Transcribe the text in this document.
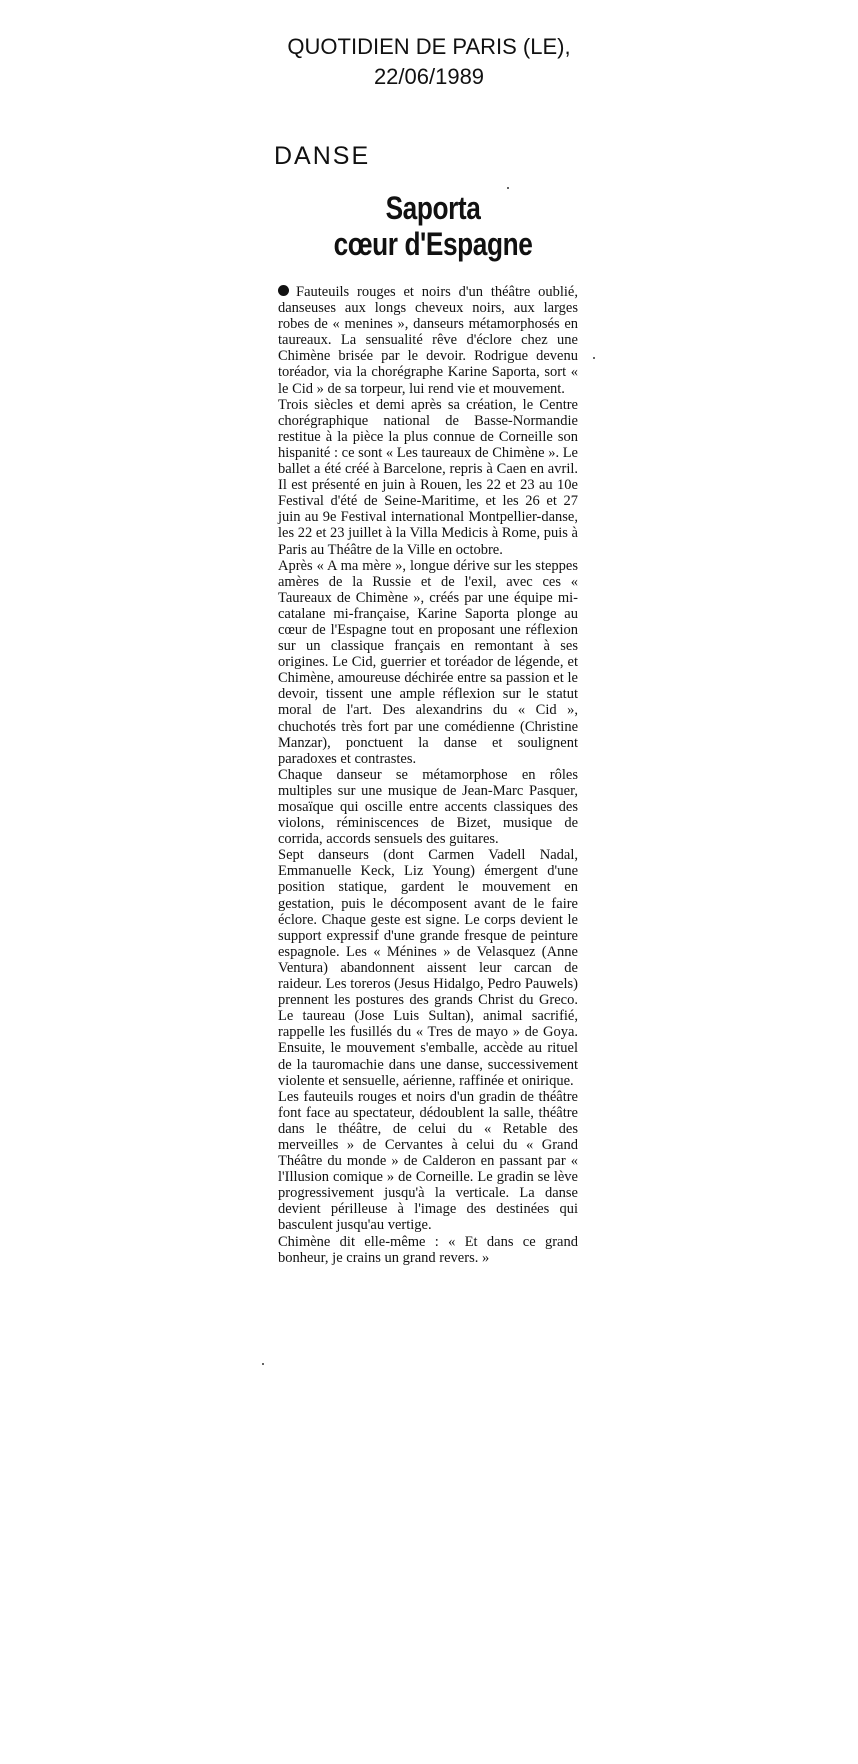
QUOTIDIEN DE PARIS (LE),
22/06/1989
DANSE
Saporta
cœur d'Espagne

Fauteuils rouges et noirs d'un théâtre oublié, danseuses aux longs cheveux noirs, aux larges robes de « menines », danseurs métamorphosés en taureaux. La sensualité rêve d'éclore chez une Chimène brisée par le devoir. Rodrigue devenu toréador, via la chorégraphe Karine Saporta, sort « le Cid » de sa torpeur, lui rend vie et mouvement.

Trois siècles et demi après sa création, le Centre chorégraphique national de Basse-Normandie restitue à la pièce la plus connue de Corneille son hispanité : ce sont « Les taureaux de Chimène ». Le ballet a été créé à Barcelone, repris à Caen en avril. Il est présenté en juin à Rouen, les 22 et 23 au 10e Festival d'été de Seine-Maritime, et les 26 et 27 juin au 9e Festival international Montpellier-danse, les 22 et 23 juillet à la Villa Medicis à Rome, puis à Paris au Théâtre de la Ville en octobre.

Après « A ma mère », longue dérive sur les steppes amères de la Russie et de l'exil, avec ces « Taureaux de Chimène », créés par une équipe mi-catalane mi-française, Karine Saporta plonge au cœur de l'Espagne tout en proposant une réflexion sur un classique français en remontant à ses origines. Le Cid, guerrier et toréador de légende, et Chimène, amoureuse déchirée entre sa passion et le devoir, tissent une ample réflexion sur le statut moral de l'art. Des alexandrins du « Cid », chuchotés très fort par une comédienne (Christine Manzar), ponctuent la danse et soulignent paradoxes et contrastes.

Chaque danseur se métamorphose en rôles multiples sur une musique de Jean-Marc Pasquer, mosaïque qui oscille entre accents classiques des violons, réminiscences de Bizet, musique de corrida, accords sensuels des guitares.

Sept danseurs (dont Carmen Vadell Nadal, Emmanuelle Keck, Liz Young) émergent d'une position statique, gardent le mouvement en gestation, puis le décomposent avant de le faire éclore. Chaque geste est signe. Le corps devient le support expressif d'une grande fresque de peinture espagnole. Les « Ménines » de Velasquez (Anne Ventura) abandonnent aissent leur carcan de raideur. Les toreros (Jesus Hidalgo, Pedro Pauwels) prennent les postures des grands Christ du Greco. Le taureau (Jose Luis Sultan), animal sacrifié, rappelle les fusillés du « Tres de mayo » de Goya. Ensuite, le mouvement s'emballe, accède au rituel de la tauromachie dans une danse, successivement violente et sensuelle, aérienne, raffinée et onirique.

Les fauteuils rouges et noirs d'un gradin de théâtre font face au spectateur, dédoublent la salle, théâtre dans le théâtre, de celui du « Retable des merveilles » de Cervantes à celui du « Grand Théâtre du monde » de Calderon en passant par « l'Illusion comique » de Corneille. Le gradin se lève progressivement jusqu'à la verticale. La danse devient périlleuse à l'image des destinées qui basculent jusqu'au vertige.

Chimène dit elle-même : « Et dans ce grand bonheur, je crains un grand revers. »
